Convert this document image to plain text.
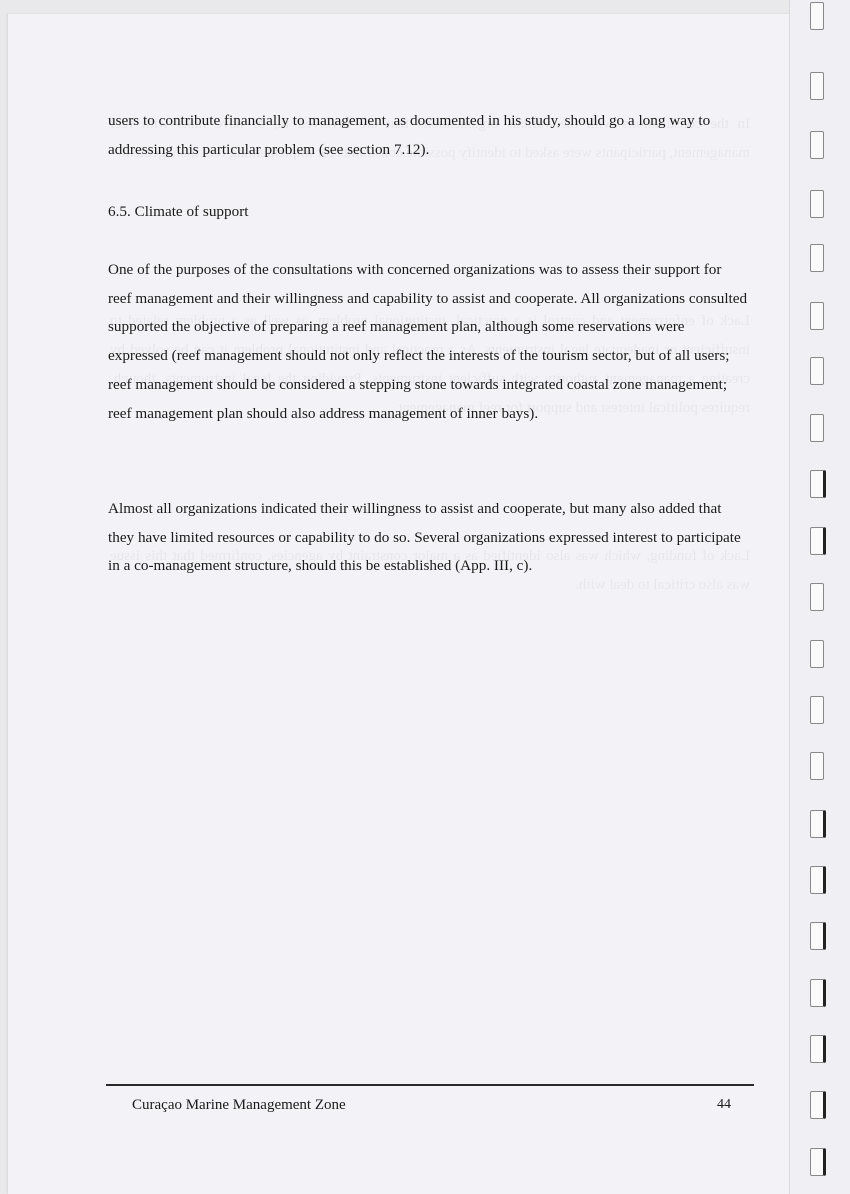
users to contribute financially to management, as documented in his study, should go a long way to addressing this particular problem (see section 7.12).

6.5. Climate of support

One of the purposes of the consultations with concerned organizations was to assess their support for reef management and their willingness and capability to assist and cooperate. All organizations consulted supported the objective of preparing a reef management plan, although some reservations were expressed (reef management should not only reflect the interests of the tourism sector, but of all users; reef management should be considered a stepping stone towards integrated coastal zone management; reef management plan should also address management of inner bays).

Almost all organizations indicated their willingness to assist and cooperate, but many also added that they have limited resources or capability to do so. Several organizations expressed interest to participate in a co-management structure, should this be established (App. III, c).

Curaçao Marine Management Zone	44
